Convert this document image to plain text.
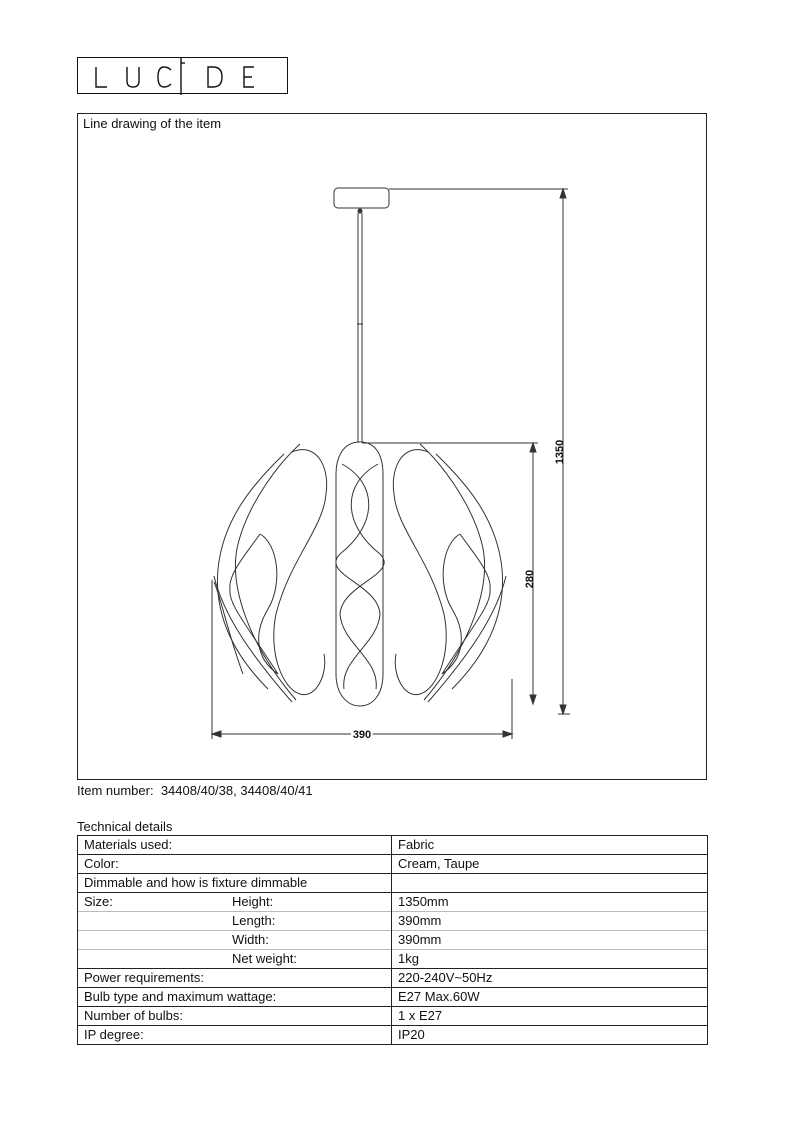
Line drawing of the item
1350
280
390
Item number: 34408/40/38, 34408/40/41
Technical details
Materials used:	Fabric
Color:	Cream, Taupe
Dimmable and how is fixture dimmable	

Size: Height:	1350mm

Length:	390mm

Width:	390mm

Net weight:	1kg
Power requirements:	220-240V~50Hz
Bulb type and maximum wattage:	E27 Max.60W
Number of bulbs:	1 x E27
IP degree:	IP20
